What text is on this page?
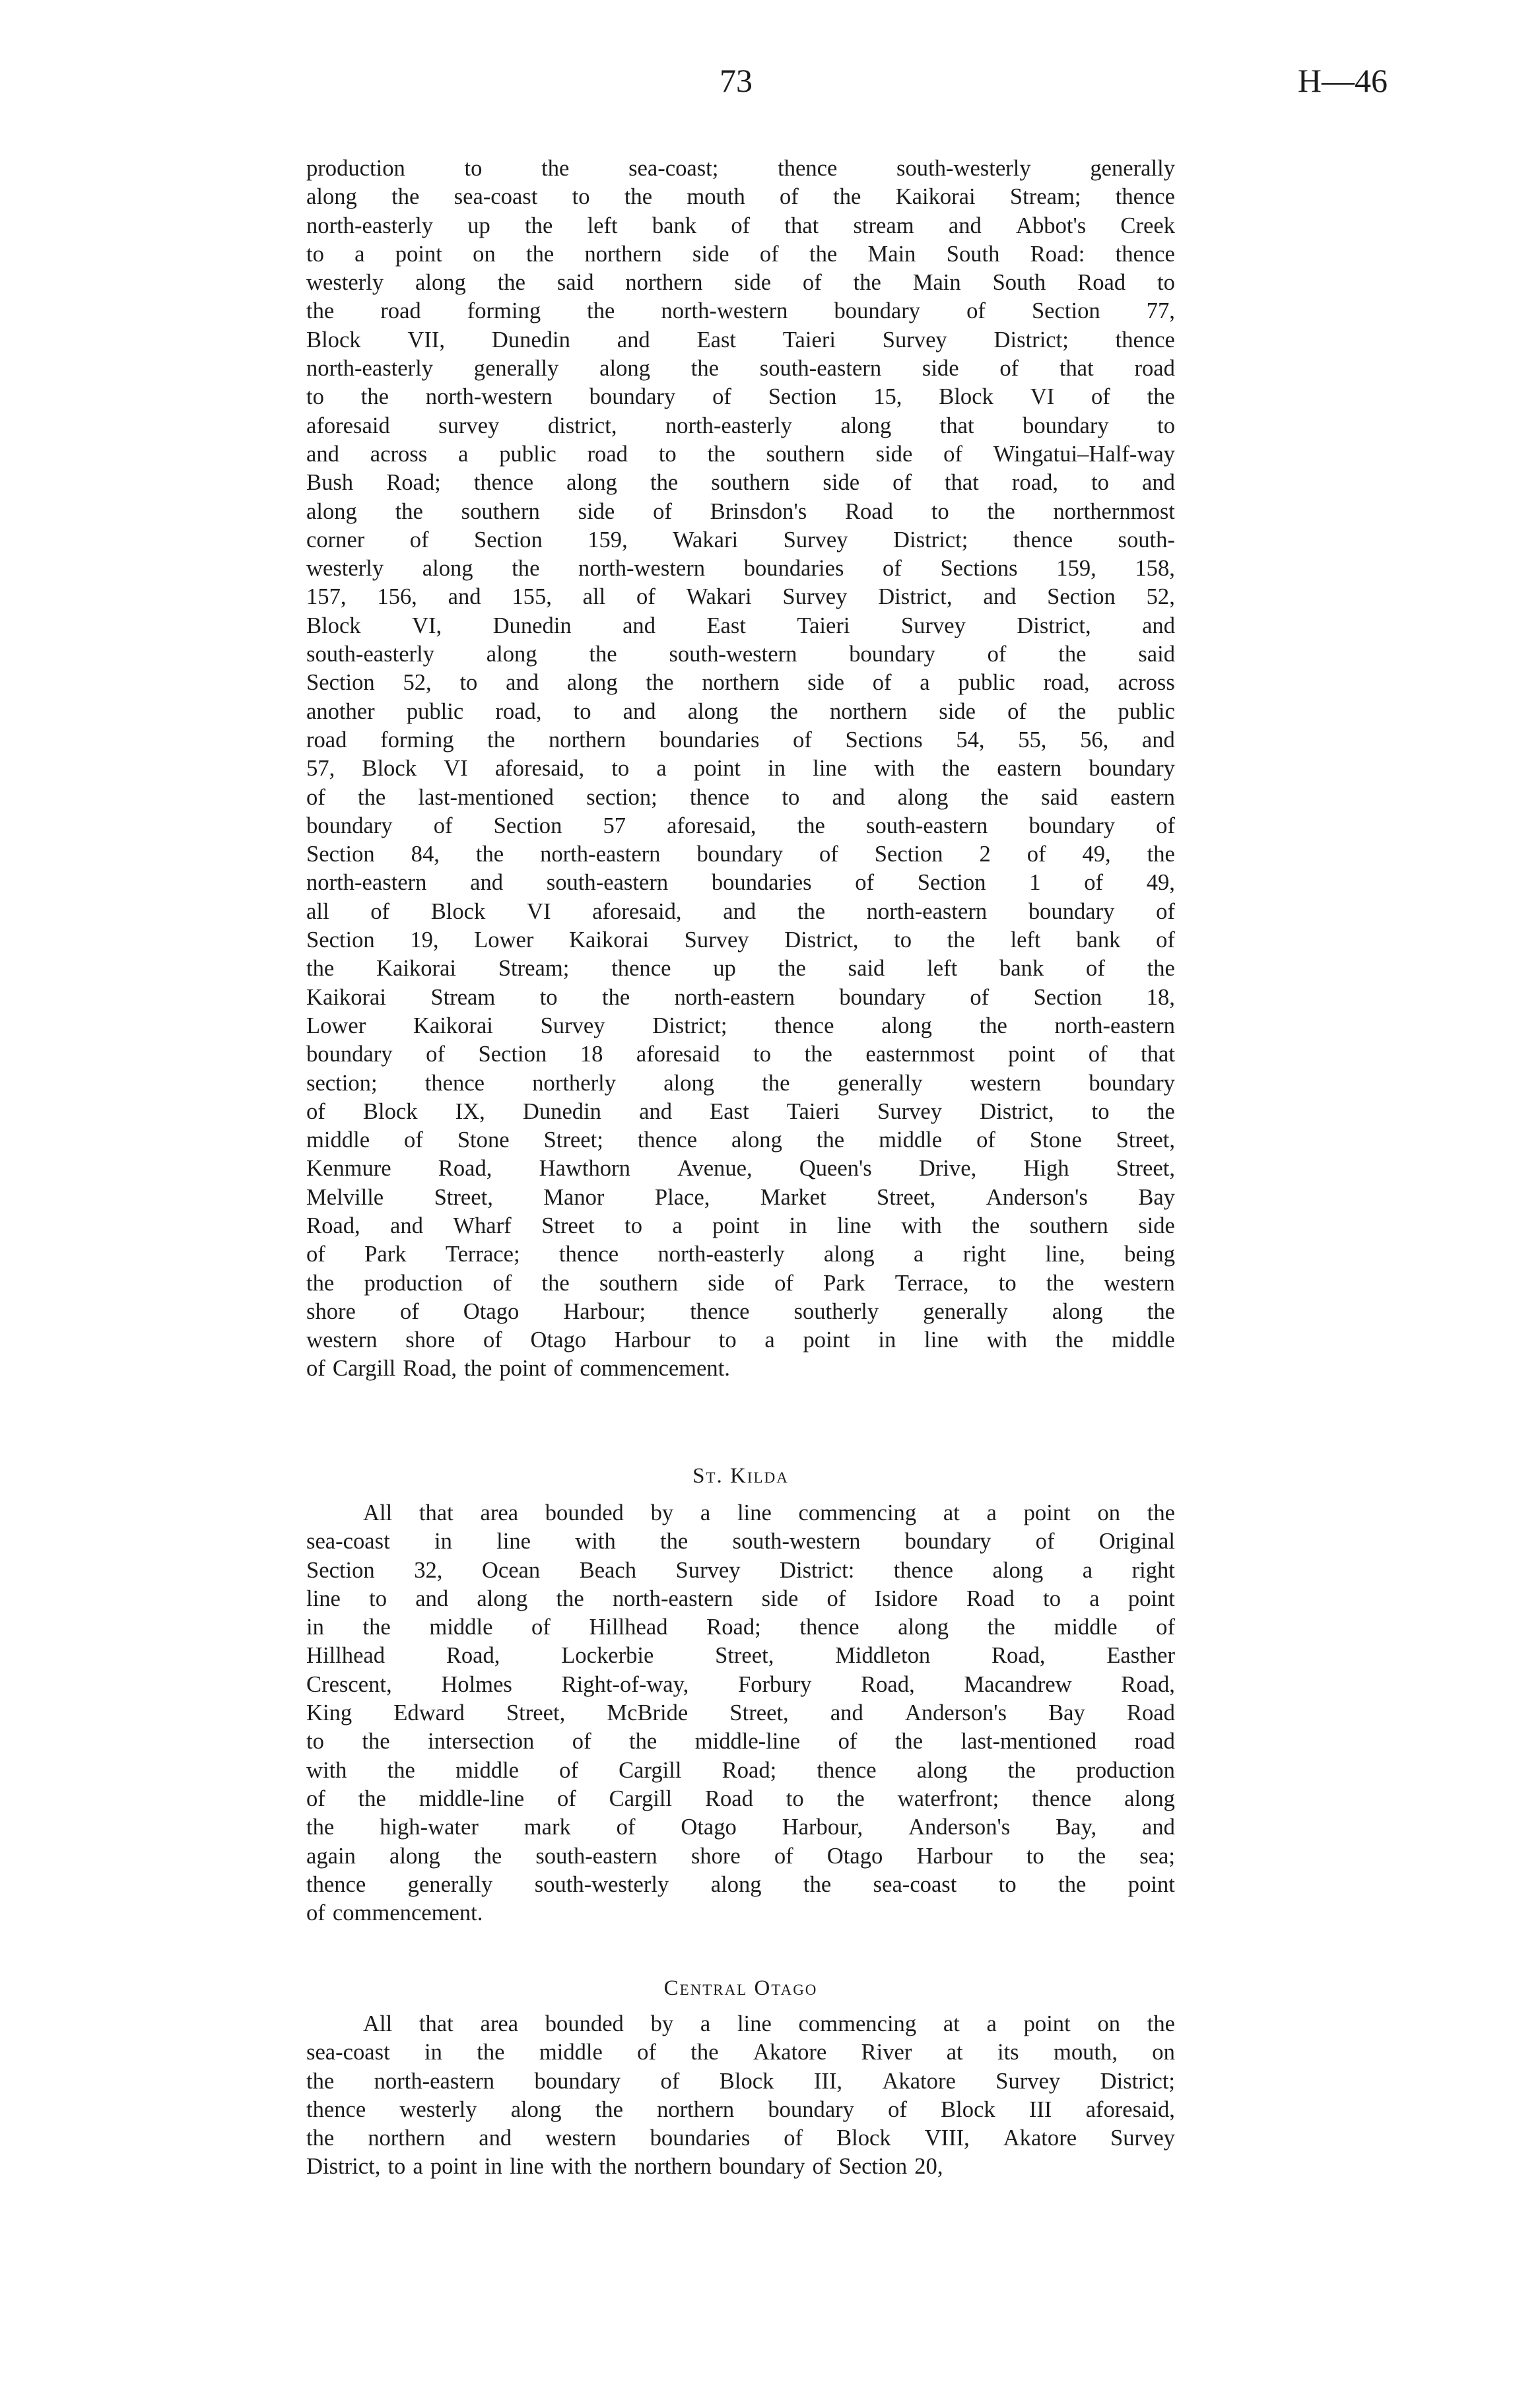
73	H—46
production	to	the	sea-coast;	thence	south-westerly	generally
along the sea-coast to the mouth of the Kaikorai Stream; thence
north-easterly up the left bank of that stream and Abbot's Creek
to a point on the northern side of the Main South Road: thence
westerly along the said northern side of the Main South Road to
the road forming the north-western boundary of Section 77,
Block VII, Dunedin and East Taieri Survey District; thence
north-easterly generally along the south-eastern side of that road
to the north-western boundary of Section 15, Block VI of the
aforesaid survey district, north-easterly along that boundary to
and across a public road to the southern side of Wingatui–Half-way
Bush Road; thence along the southern side of that road, to and
along the southern side of Brinsdon's Road to the northernmost
corner of Section 159, Wakari Survey District; thence south-
westerly along the north-western boundaries of Sections 159, 158,
157, 156, and 155, all of Wakari Survey District, and Section 52,
Block VI, Dunedin and East Taieri Survey District, and
south-easterly along the south-western boundary of the said
Section 52, to and along the northern side of a public road, across
another public road, to and along the northern side of the public
road forming the northern boundaries of Sections 54, 55, 56, and
57, Block VI aforesaid, to a point in line with the eastern boundary
of the last-mentioned section; thence to and along the said eastern
boundary of Section 57 aforesaid, the south-eastern boundary of
Section 84, the north-eastern boundary of Section 2 of 49, the
north-eastern and south-eastern boundaries of Section 1 of 49,
all of Block VI aforesaid, and the north-eastern boundary of
Section 19, Lower Kaikorai Survey District, to the left bank of
the Kaikorai Stream; thence up the said left bank of the
Kaikorai Stream to the north-eastern boundary of Section 18,
Lower Kaikorai Survey District; thence along the north-eastern
boundary of Section 18 aforesaid to the easternmost point of that
section; thence northerly along the generally western boundary
of Block IX, Dunedin and East Taieri Survey District, to the
middle of Stone Street; thence along the middle of Stone Street,
Kenmure Road, Hawthorn Avenue, Queen's Drive, High Street,
Melville Street, Manor Place, Market Street, Anderson's Bay
Road, and Wharf Street to a point in line with the southern side
of Park Terrace; thence north-easterly along a right line, being
the production of the southern side of Park Terrace, to the western
shore of Otago Harbour; thence southerly generally along the
western shore of Otago Harbour to a point in line with the middle
of Cargill Road, the point of commencement.
St. Kilda
All that area bounded by a line commencing at a point on the
sea-coast in line with the south-western boundary of Original
Section 32, Ocean Beach Survey District: thence along a right
line to and along the north-eastern side of Isidore Road to a point
in the middle of Hillhead Road; thence along the middle of
Hillhead	Road,	Lockerbie	Street,	Middleton	Road,	Easther
Crescent, Holmes Right-of-way, Forbury Road, Macandrew Road,
King Edward Street, McBride Street, and Anderson's Bay Road
to the intersection of the middle-line of the last-mentioned road
with the middle of Cargill Road; thence along the production
of the middle-line of Cargill Road to the waterfront; thence along
the high-water mark of Otago Harbour, Anderson's Bay, and
again along the south-eastern shore of Otago Harbour to the sea;
thence generally south-westerly along the sea-coast to the point
of commencement.
Central Otago
All that area bounded by a line commencing at a point on the
sea-coast in the middle of the Akatore River at its mouth, on
the north-eastern boundary of Block III, Akatore Survey District;
thence westerly along the northern boundary of Block III aforesaid,
the northern and western boundaries of Block VIII, Akatore Survey
District, to a point in line with the northern boundary of Section 20,
